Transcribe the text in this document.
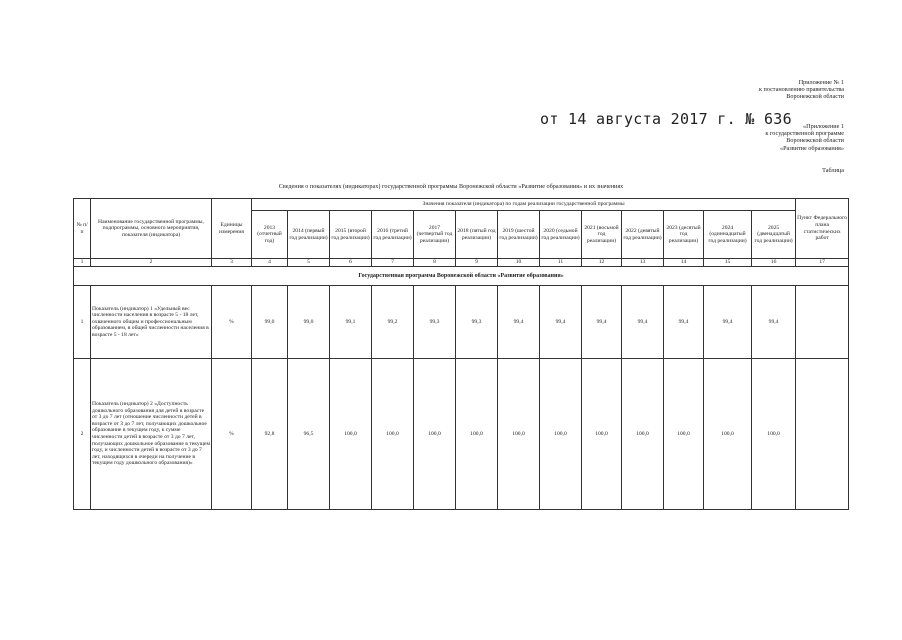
Приложение № 1
к постановлению правительства
Воронежской области
от 14 августа 2017 г. № 636	«Приложение 1
к государственной программе
Воронежской области
«Развитие образования»
Таблица
Сведения о показателях (индикаторах) государственной программы Воронежской области «Развитие образования» и их значениях
№ п/п	Наименование государственной программы, подпрограммы, основного мероприятия, показателя (индикатора)	Единицы измерения	Значения показателя (индикатора) по годам реализации государственной программы													Пункт Федерального плана статистических работ
			2013 (отчетный год)	2014 (первый год реализации)	2015 (второй год реализации)	2016 (третий год реализации)	2017 (четвертый год реализации)	2018 (пятый год реализации)	2019 (шестой год реализации)	2020 (седьмой год реализации)	2021 (восьмой год реализации)	2022 (девятый год реализации)	2023 (десятый год реализации)	2024 (одиннадцатый год реализации)	2025 (двенадцатый год реализации)	
1	2	3	4	5	6	7	8	9	10	11	12	13	14	15	16	17
Государственная программа Воронежской области «Развитие образования»																
1	Показатель (индикатор) 1 «Удельный вес численности населения в возрасте 5 - 18 лет, охваченного общим и профессиональным образованием, в общей численности населения в возрасте 5 - 18 лет»	%	99,0	99,0	99,1	99,2	99,3	99,3	99,4	99,4	99,4	99,4	99,4	99,4	99,4	
2	Показатель (индикатор) 2 «Доступность дошкольного образования для детей в возрасте от 3 до 7 лет (отношение численности детей в возрасте от 3 до 7 лет, получающих дошкольное образование в текущем году, к сумме численности детей в возрасте от 3 до 7 лет, получающих дошкольное образование в текущем году, и численности детей в возрасте от 3 до 7 лет, находящихся в очереди на получение в текущем году дошкольного образования)»	%	92,8	96,5	100,0	100,0	100,0	100,0	100,0	100,0	100,0	100,0	100,0	100,0	100,0	
